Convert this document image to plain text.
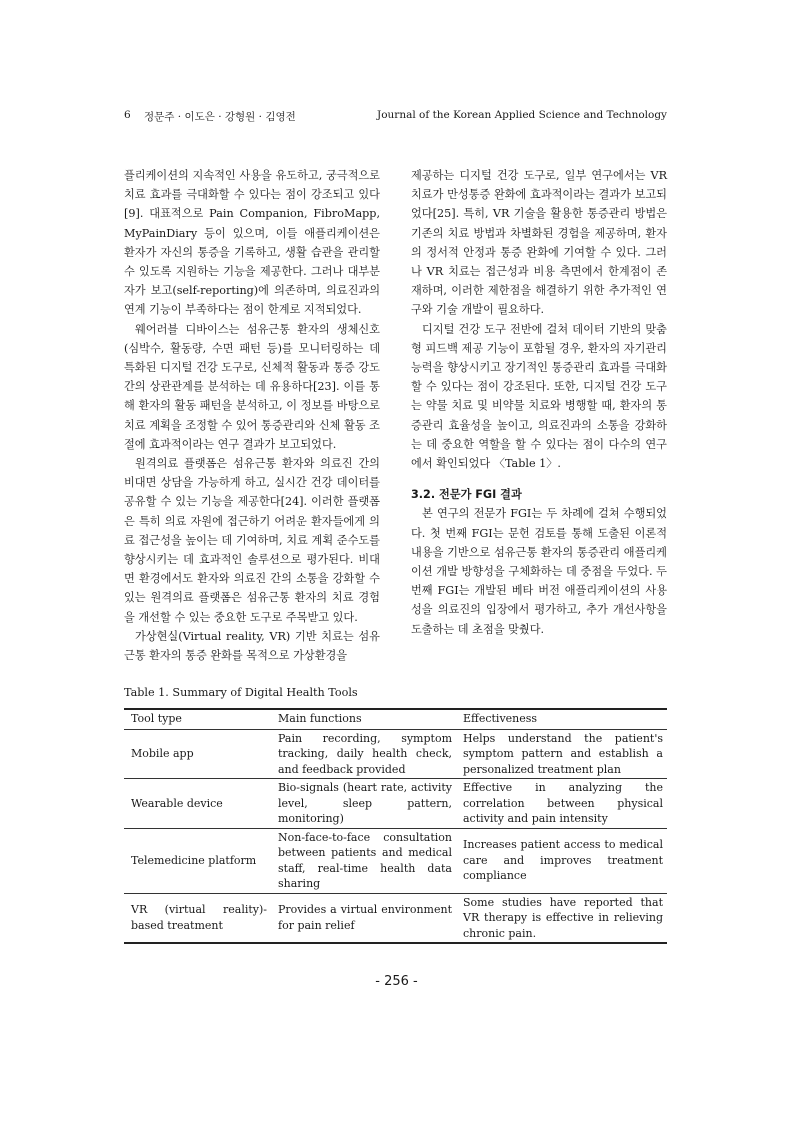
6 정문주 · 이도은 · 강형원 · 김영전	Journal of the Korean Applied Science and Technology

플리케이션의 지속적인 사용을 유도하고, 궁극적으로 치료 효과를 극대화할 수 있다는 점이 강조되고 있다[9]. 대표적으로 Pain Companion, FibroMapp, MyPainDiary 등이 있으며, 이들 애플리케이션은 환자가 자신의 통증을 기록하고, 생활 습관을 관리할 수 있도록 지원하는 기능을 제공한다. 그러나 대부분 자가 보고(self-reporting)에 의존하며, 의료진과의 연계 기능이 부족하다는 점이 한계로 지적되었다.

웨어러블 디바이스는 섬유근통 환자의 생체신호(심박수, 활동량, 수면 패턴 등)를 모니터링하는 데 특화된 디지털 건강 도구로, 신체적 활동과 통증 강도 간의 상관관계를 분석하는 데 유용하다[23]. 이를 통해 환자의 활동 패턴을 분석하고, 이 정보를 바탕으로 치료 계획을 조정할 수 있어 통증관리와 신체 활동 조절에 효과적이라는 연구 결과가 보고되었다.

원격의료 플랫폼은 섬유근통 환자와 의료진 간의 비대면 상담을 가능하게 하고, 실시간 건강 데이터를 공유할 수 있는 기능을 제공한다[24]. 이러한 플랫폼은 특히 의료 자원에 접근하기 어려운 환자들에게 의료 접근성을 높이는 데 기여하며, 치료 계획 준수도를 향상시키는 데 효과적인 솔루션으로 평가된다. 비대면 환경에서도 환자와 의료진 간의 소통을 강화할 수 있는 원격의료 플랫폼은 섬유근통 환자의 치료 경험을 개선할 수 있는 중요한 도구로 주목받고 있다.

가상현실(Virtual reality, VR) 기반 치료는 섬유근통 환자의 통증 완화를 목적으로 가상환경을

제공하는 디지털 건강 도구로, 일부 연구에서는 VR 치료가 만성통증 완화에 효과적이라는 결과가 보고되었다[25]. 특히, VR 기술을 활용한 통증관리 방법은 기존의 치료 방법과 차별화된 경험을 제공하며, 환자의 정서적 안정과 통증 완화에 기여할 수 있다. 그러나 VR 치료는 접근성과 비용 측면에서 한계점이 존재하며, 이러한 제한점을 해결하기 위한 추가적인 연구와 기술 개발이 필요하다.

디지털 건강 도구 전반에 걸쳐 데이터 기반의 맞춤형 피드백 제공 기능이 포함될 경우, 환자의 자기관리 능력을 향상시키고 장기적인 통증관리 효과를 극대화할 수 있다는 점이 강조된다. 또한, 디지털 건강 도구는 약물 치료 및 비약물 치료와 병행할 때, 환자의 통증관리 효율성을 높이고, 의료진과의 소통을 강화하는 데 중요한 역할을 할 수 있다는 점이 다수의 연구에서 확인되었다 〈Table 1〉.

3.2. 전문가 FGI 결과

본 연구의 전문가 FGI는 두 차례에 걸쳐 수행되었다. 첫 번째 FGI는 문헌 검토를 통해 도출된 이론적 내용을 기반으로 섬유근통 환자의 통증관리 애플리케이션 개발 방향성을 구체화하는 데 중점을 두었다. 두 번째 FGI는 개발된 베타 버전 애플리케이션의 사용성을 의료진의 입장에서 평가하고, 추가 개선사항을 도출하는 데 초점을 맞췄다.

Table 1. Summary of Digital Health Tools
Tool type	Main functions	Effectiveness
Mobile app	Pain recording, symptom tracking, daily health check, and feedback provided	Helps understand the patient's symptom pattern and establish a personalized treatment plan
Wearable device	Bio-signals (heart rate, activity level, sleep pattern, monitoring)	Effective in analyzing the correlation between physical activity and pain intensity
Telemedicine platform	Non-face-to-face consultation between patients and medical staff, real-time health data sharing	Increases patient access to medical care and improves treatment compliance
VR (virtual reality)-based treatment	Provides a virtual environment for pain relief	Some studies have reported that VR therapy is effective in relieving chronic pain.
- 256 -
